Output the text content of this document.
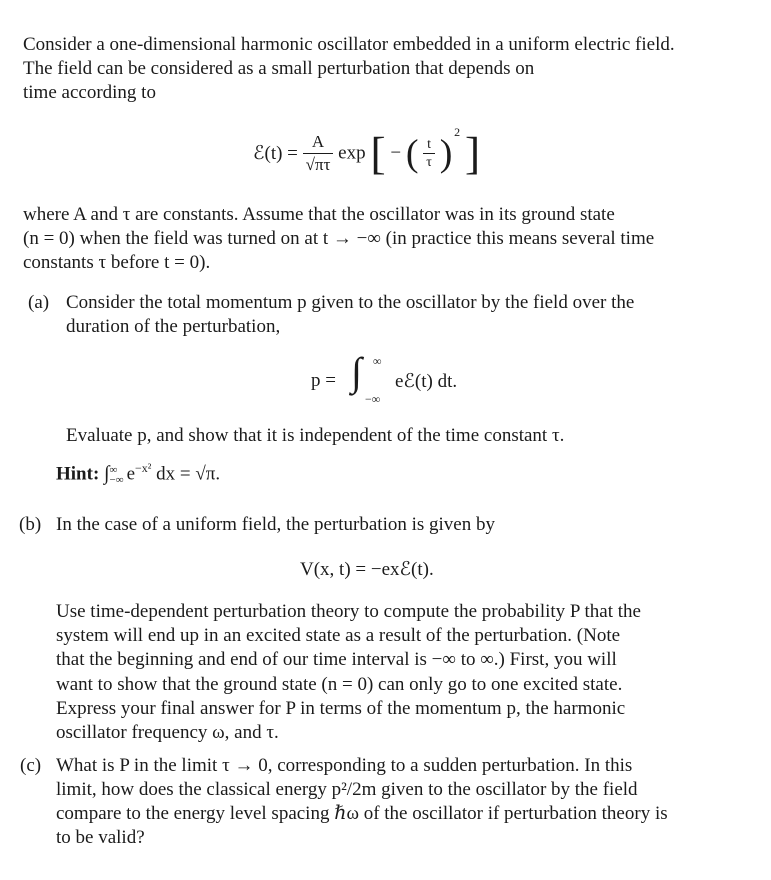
Consider a one-dimensional harmonic oscillator embedded in a uniform electric field.
The field can be considered as a small perturbation that depends on
time according to
ℰ(t) = $\frac{A}{√\pi\tau}$ exp [ − ( $\frac{t}{\tau}$ ) $^2$ ]
where A and τ are constants. Assume that the oscillator was in its ground state
(n = 0) when the field was turned on at t → −∞ (in practice this means several time
constants τ before t = 0).
(a) Consider the total momentum p given to the oscillator by the field over the
duration of the perturbation,
p = ∫ ∞
−∞
eℰ(t) dt.
Evaluate p, and show that it is independent of the time constant τ.
Hint: ∫ ∞
−∞ $e^{-x^2}$ dx = √π.
(b) In the case of a uniform field, the perturbation is given by
V(x, t) = −exℰ(t).
Use time-dependent perturbation theory to compute the probability P that the
system will end up in an excited state as a result of the perturbation. (Note
that the beginning and end of our time interval is −∞ to ∞.) First, you will
want to show that the ground state (n = 0) can only go to one excited state.
Express your final answer for P in terms of the momentum p, the harmonic
oscillator frequency ω, and τ.
(c) What is P in the limit τ → 0, corresponding to a sudden perturbation. In this
limit, how does the classical energy p²/2m given to the oscillator by the field
compare to the energy level spacing ℏω of the oscillator if perturbation theory is
to be valid?
